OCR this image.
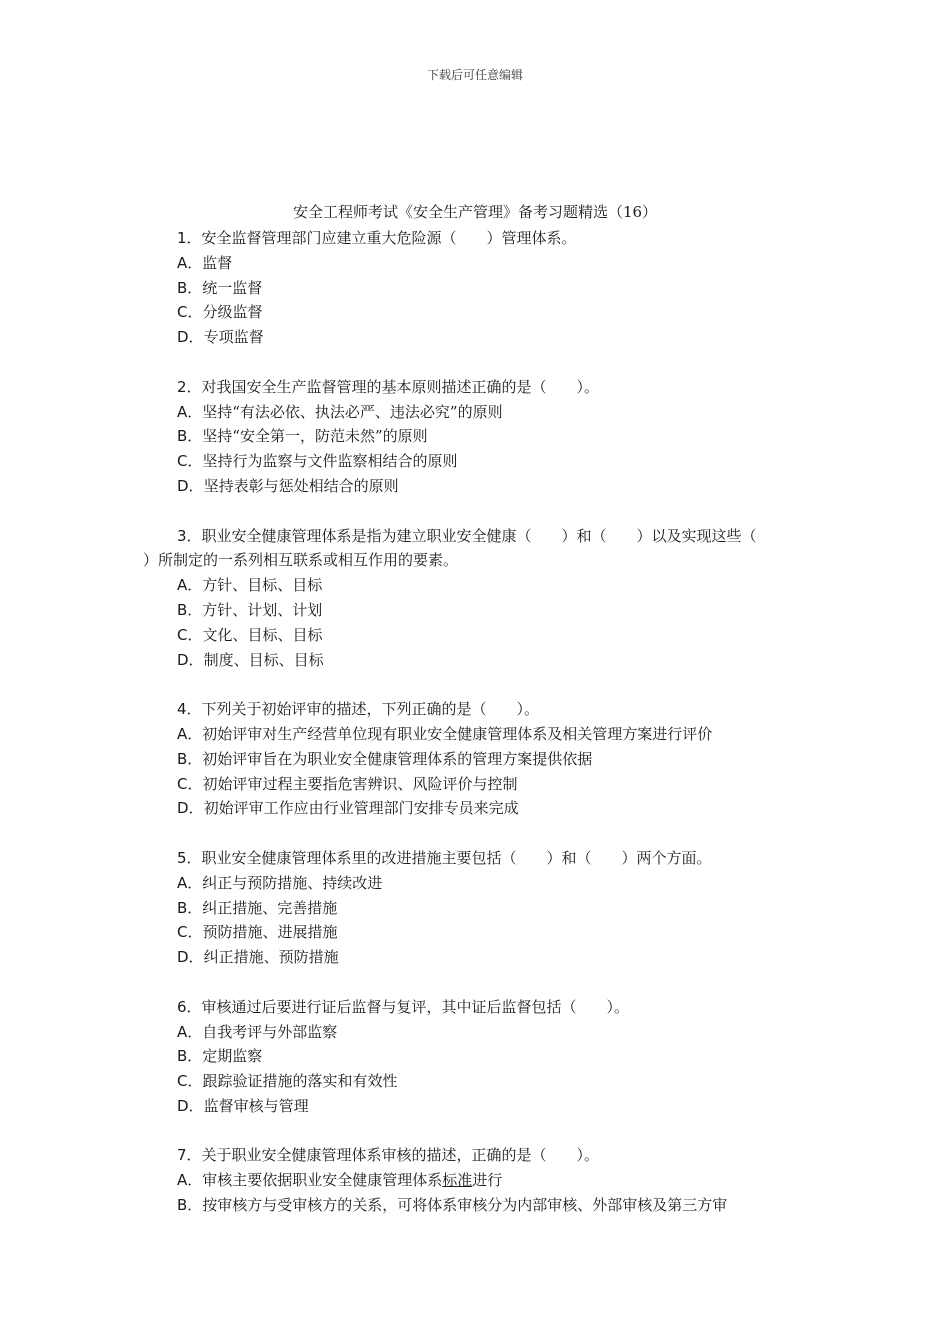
下载后可任意编辑
安全工程师考试《安全生产管理》备考习题精选（16）
1．安全监督管理部门应建立重大危险源（　　）管理体系。
A．监督
B．统一监督
C．分级监督
D．专项监督
2．对我国安全生产监督管理的基本原则描述正确的是（　　）。
A．坚持“有法必依、执法必严、违法必究”的原则
B．坚持“安全第一，防范未然”的原则
C．坚持行为监察与文件监察相结合的原则
D．坚持表彰与惩处相结合的原则
3．职业安全健康管理体系是指为建立职业安全健康（　　）和（　　）以及实现这些（
）所制定的一系列相互联系或相互作用的要素。
A．方针、目标、目标
B．方针、计划、计划
C．文化、目标、目标
D．制度、目标、目标
4．下列关于初始评审的描述，下列正确的是（　　）。
A．初始评审对生产经营单位现有职业安全健康管理体系及相关管理方案进行评价
B．初始评审旨在为职业安全健康管理体系的管理方案提供依据
C．初始评审过程主要指危害辨识、风险评价与控制
D．初始评审工作应由行业管理部门安排专员来完成
5．职业安全健康管理体系里的改进措施主要包括（　　）和（　　）两个方面。
A．纠正与预防措施、持续改进
B．纠正措施、完善措施
C．预防措施、进展措施
D．纠正措施、预防措施
6．审核通过后要进行证后监督与复评，其中证后监督包括（　　）。
A．自我考评与外部监察
B．定期监察
C．跟踪验证措施的落实和有效性
D．监督审核与管理
7．关于职业安全健康管理体系审核的描述，正确的是（　　）。
A．审核主要依据职业安全健康管理体系标准进行
B．按审核方与受审核方的关系，可将体系审核分为内部审核、外部审核及第三方审
